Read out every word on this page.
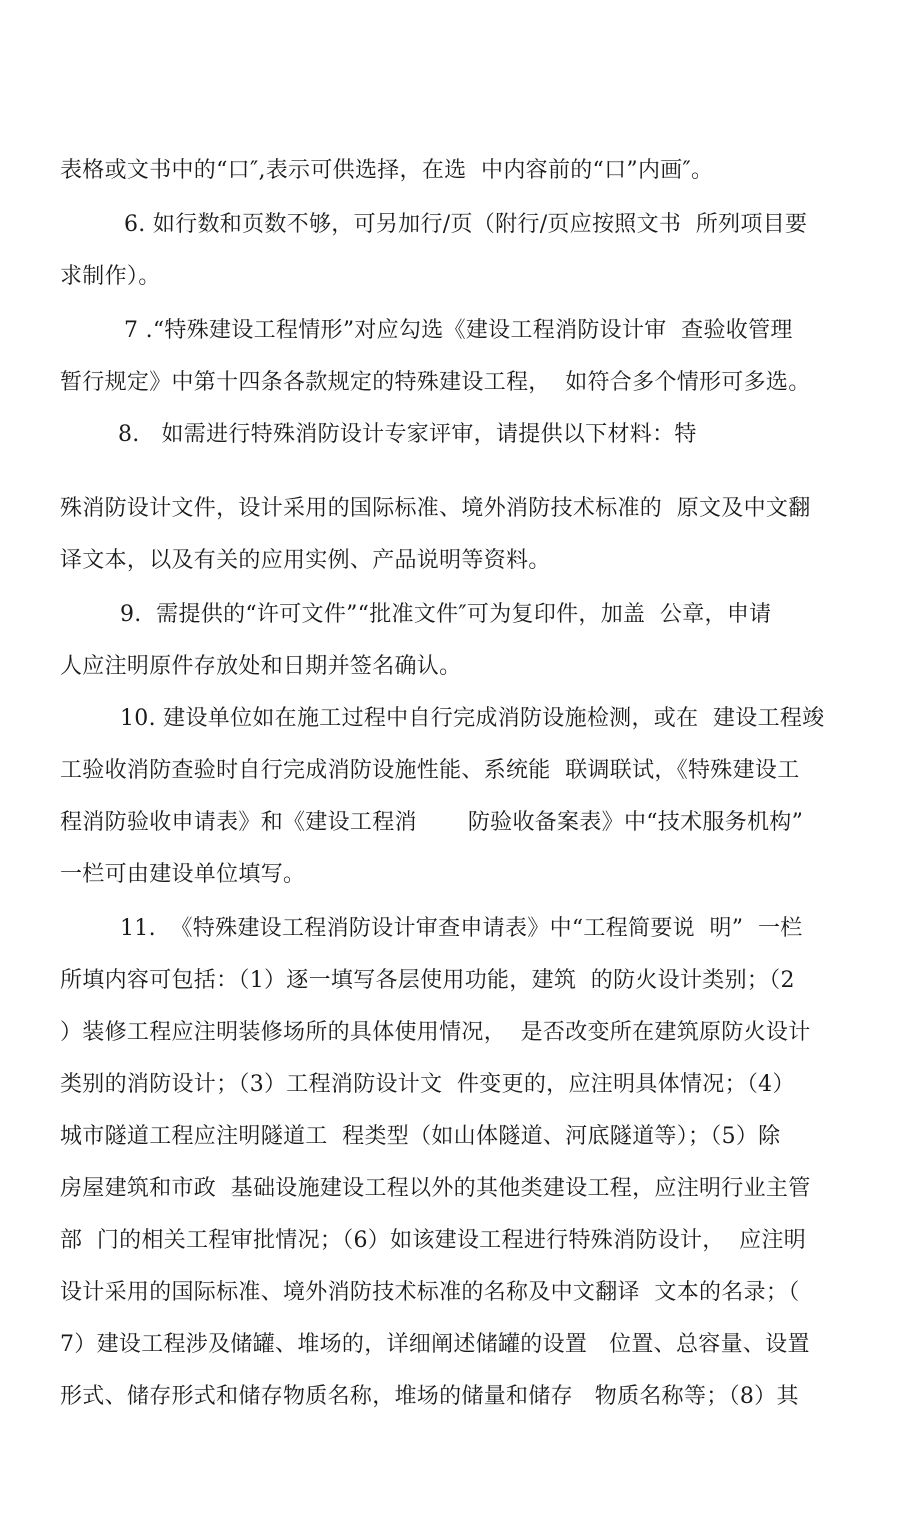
表格或文书中的“口″,表示可供选择，在选  中内容前的“口”内画″。
6. 如行数和页数不够，可另加行/页（附行/页应按照文书  所列项目要
求制作）。
7 .“特殊建设工程情形”对应勾选《建设工程消防设计审  查验收管理
暂行规定》中第十四条各款规定的特殊建设工程，  如符合多个情形可多选。
8.   如需进行特殊消防设计专家评审，请提供以下材料：特
殊消防设计文件，设计采用的国际标准、境外消防技术标准的  原文及中文翻
译文本，以及有关的应用实例、产品说明等资料。
9.  需提供的“许可文件”“批准文件″可为复印件，加盖  公章，申请
人应注明原件存放处和日期并签名确认。
10. 建设单位如在施工过程中自行完成消防设施检测，或在  建设工程竣
工验收消防查验时自行完成消防设施性能、系统能  联调联试，《特殊建设工
程消防验收申请表》和《建设工程消       防验收备案表》中“技术服务机构”
一栏可由建设单位填写。
11.  《特殊建设工程消防设计审查申请表》中“工程简要说  明”  一栏
所填内容可包括：（1）逐一填写各层使用功能，建筑  的防火设计类别；（2
）装修工程应注明装修场所的具体使用情况，  是否改变所在建筑原防火设计
类别的消防设计；（3）工程消防设计文  件变更的，应注明具体情况；（4）
城市隧道工程应注明隧道工  程类型（如山体隧道、河底隧道等）；（5）除
房屋建筑和市政  基础设施建设工程以外的其他类建设工程，应注明行业主管
部  门的相关工程审批情况；（6）如该建设工程进行特殊消防设计，  应注明
设计采用的国际标准、境外消防技术标准的名称及中文翻译  文本的名录；（
7）建设工程涉及储罐、堆场的，详细阐述储罐的设置   位置、总容量、设置
形式、储存形式和储存物质名称，堆场的储量和储存   物质名称等；（8）其
